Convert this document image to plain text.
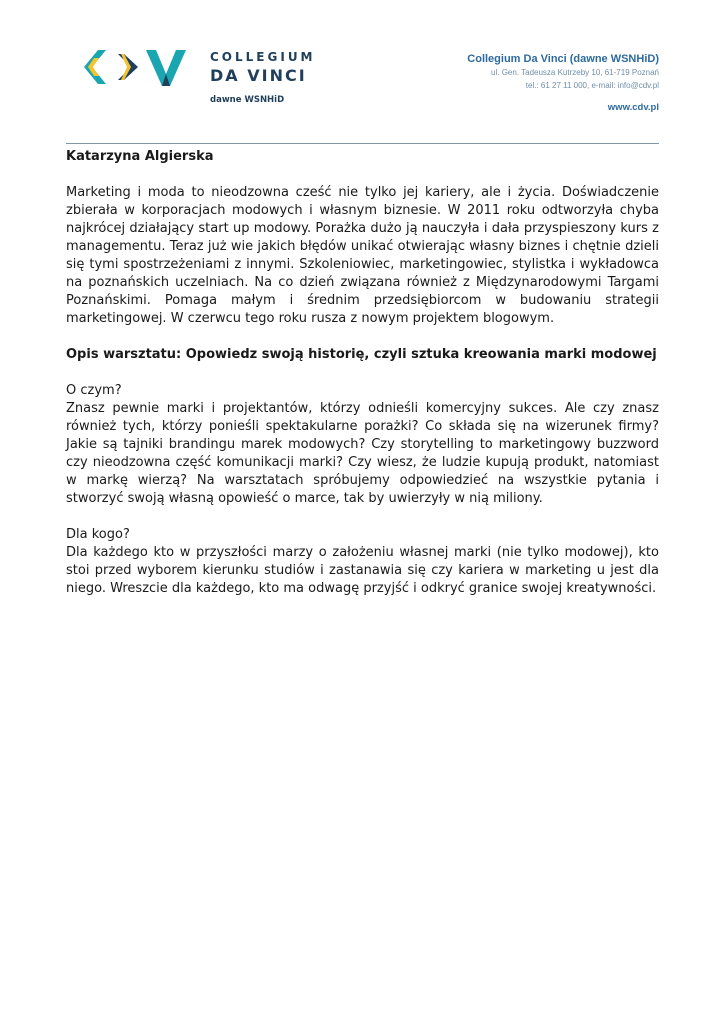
COLLEGIUM
DA VINCI
dawne WSNHiD
Collegium Da Vinci (dawne WSNHiD)
ul. Gen. Tadeusza Kutrzeby 10, 61-719 Poznań
tel.: 61 27 11 000, e-mail: info@cdv.pl
www.cdv.pl

Katarzyna Algierska

Marketing i moda to nieodzowna cześć nie tylko jej kariery, ale i życia. Doświadczenie zbierała w korporacjach modowych i własnym biznesie. W 2011 roku odtworzyła chyba najkrócej działający start up modowy. Porażka dużo ją nauczyła i dała przyspieszony kurs z managementu. Teraz już wie jakich błędów unikać otwierając własny biznes i chętnie dzieli się tymi spostrzeżeniami z innymi. Szkoleniowiec, marketingowiec, stylistka i wykładowca na poznańskich uczelniach. Na co dzień związana również z Międzynarodowymi Targami Poznańskimi. Pomaga małym i średnim przedsiębiorcom w budowaniu strategii marketingowej. W czerwcu tego roku rusza z nowym projektem blogowym.

Opis warsztatu: Opowiedz swoją historię, czyli sztuka kreowania marki modowej

O czym?

Znasz pewnie marki i projektantów, którzy odnieśli komercyjny sukces. Ale czy znasz również tych, którzy ponieśli spektakularne porażki? Co składa się na wizerunek firmy? Jakie są tajniki brandingu marek modowych? Czy storytelling to marketingowy buzzword czy nieodzowna część komunikacji marki? Czy wiesz, że ludzie kupują produkt, natomiast w markę wierzą? Na warsztatach spróbujemy odpowiedzieć na wszystkie pytania i stworzyć swoją własną opowieść o marce, tak by uwierzyły w nią miliony.

Dla kogo?

Dla każdego kto w przyszłości marzy o założeniu własnej marki (nie tylko modowej), kto stoi przed wyborem kierunku studiów i zastanawia się czy kariera w marketing u jest dla niego. Wreszcie dla każdego, kto ma odwagę przyjść i odkryć granice swojej kreatywności.
